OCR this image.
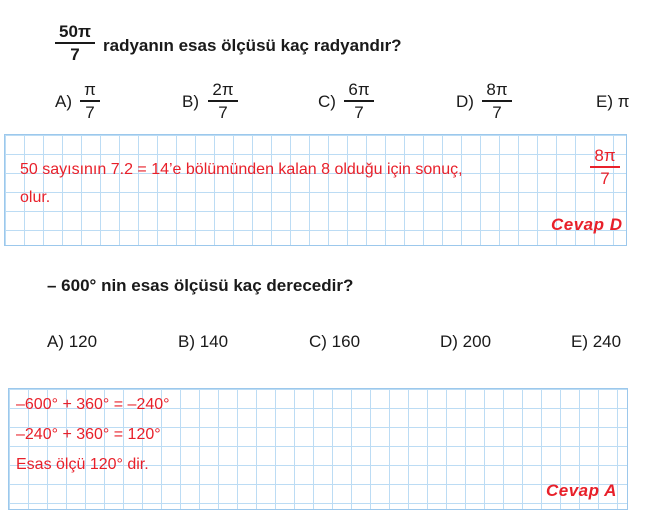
50π
7 radyanın esas ölçüsü kaç radyandır?
A)
π
7
B)
2π
7
C)
6π
7
D)
8π
7
E) π
50 sayısının 7.2 = 14’e bölümünden kalan 8 olduğu için sonuç,
8π
7
olur.
Cevap D
– 600° nin esas ölçüsü kaç derecedir?
A) 120	B) 140	C) 160	D) 200	E) 240
–600° + 360° = –240°
–240° + 360° = 120°
Esas ölçü 120° dir.
Cevap A
